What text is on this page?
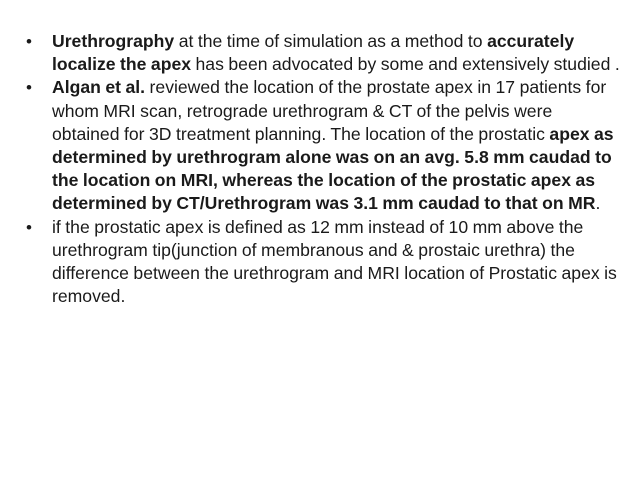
•	Urethrography at the time of simulation as a method to accurately localize the apex has been advocated by some and extensively studied .
•	Algan et al. reviewed the location of the prostate apex in 17 patients for whom MRI scan, retrograde urethrogram & CT of the pelvis were obtained for 3D treatment planning. The location of the prostatic apex as determined by urethrogram alone was on an avg. 5.8 mm caudad to the location on MRI, whereas the location of the prostatic apex as determined by CT/Urethrogram was 3.1 mm caudad to that on MR.
•	if the prostatic apex is defined as 12 mm instead of 10 mm above the urethrogram tip(junction of membranous and & prostaic urethra) the difference between the urethrogram and MRI location of Prostatic apex is removed.
